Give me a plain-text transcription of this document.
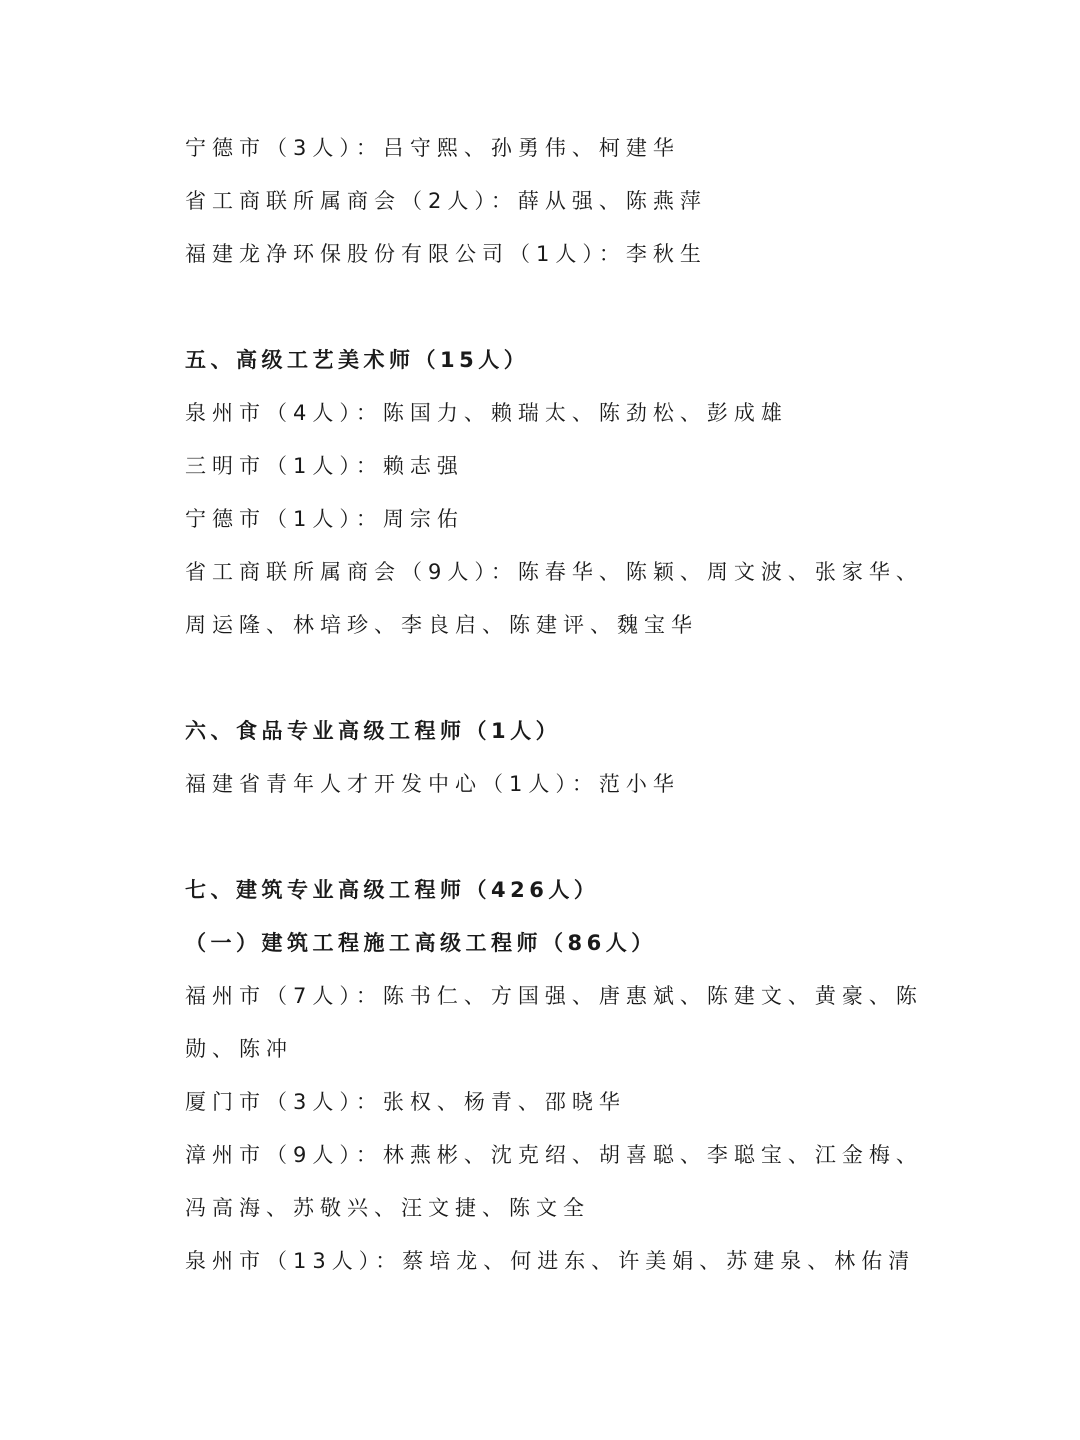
宁德市（3人）：吕守熙、孙勇伟、柯建华
省工商联所属商会（2人）：薛从强、陈燕萍
福建龙净环保股份有限公司（1人）：李秋生
五、高级工艺美术师（15人）
泉州市（4人）：陈国力、赖瑞太、陈劲松、彭成雄
三明市（1人）：赖志强
宁德市（1人）：周宗佑
省工商联所属商会（9人）：陈春华、陈颖、周文波、张家华、
周运隆、林培珍、李良启、陈建评、魏宝华
六、食品专业高级工程师（1人）
福建省青年人才开发中心（1人）：范小华
七、建筑专业高级工程师（426人）
（一）建筑工程施工高级工程师（86人）
福州市（7人）：陈书仁、方国强、唐惠斌、陈建文、黄豪、陈
勋、陈冲
厦门市（3人）：张权、杨青、邵晓华
漳州市（9人）：林燕彬、沈克绍、胡喜聪、李聪宝、江金梅、
冯高海、苏敬兴、汪文捷、陈文全
泉州市（13人）：蔡培龙、何进东、许美娟、苏建泉、林佑清
